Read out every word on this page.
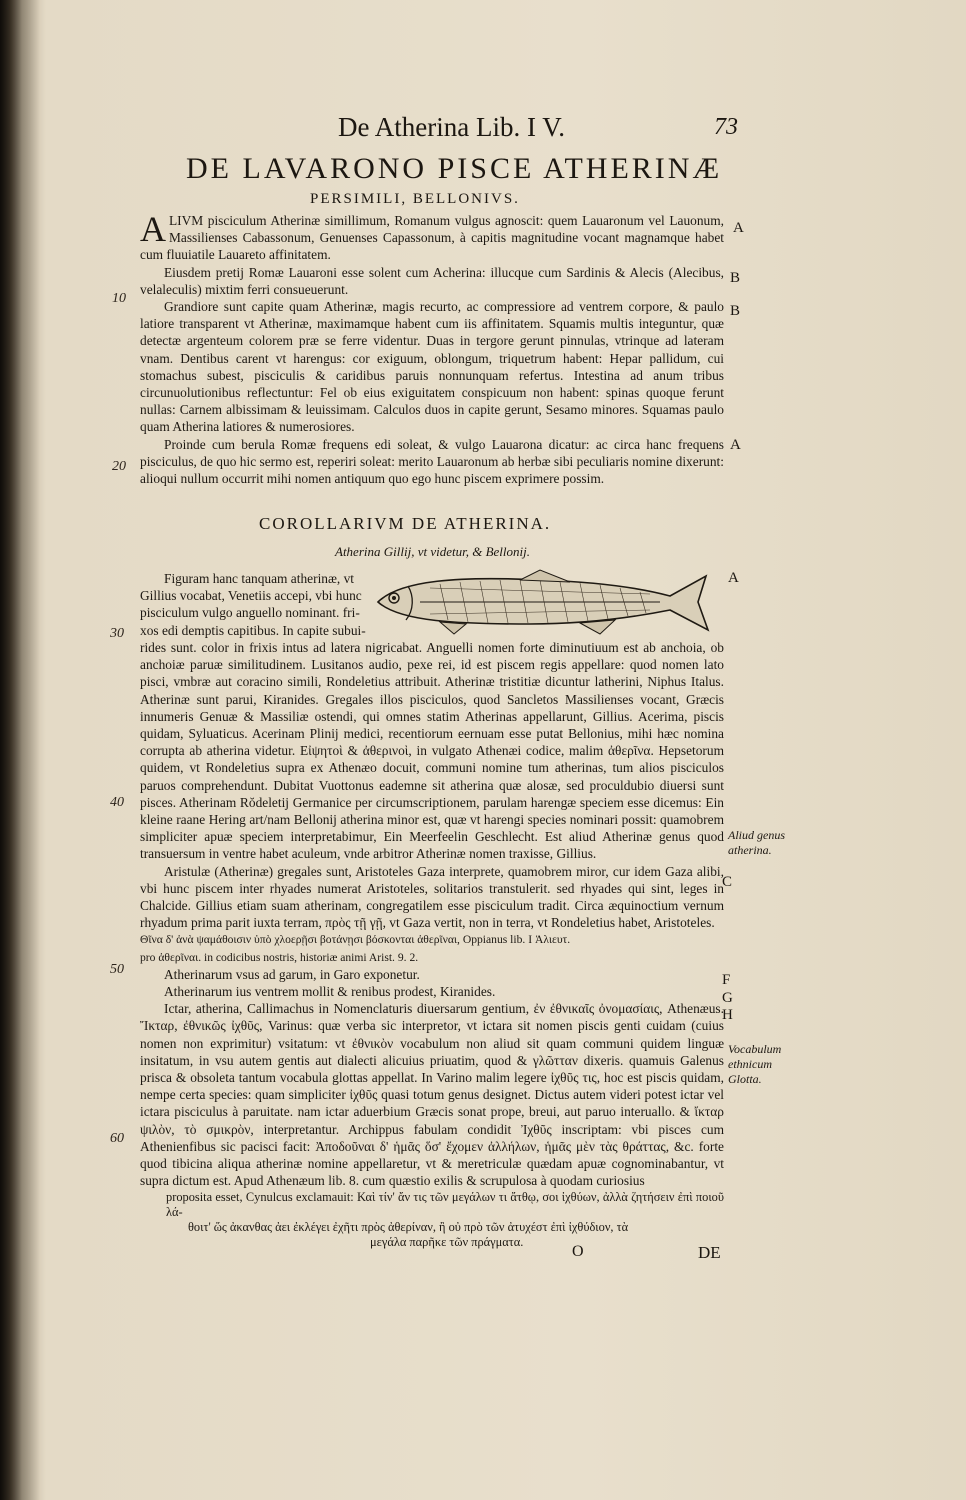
De Atherina Lib. I V.	73
DE LAVARONO PISCE ATHERINÆ
PERSIMILI, BELLONIVS.

ALIVM pisciculum Atherinæ simillimum, Romanum vulgus agnoscit: quem Lauaronum vel Lauonum, Massilienses Cabassonum, Genuenses Capassonum, à capitis magnitudine vocant magnamque habet cum fluuiatile Lauareto affinitatem.

Eiusdem pretij Romæ Lauaroni esse solent cum Acherina: illucque cum Sardinis & Alecis (Alecibus, velaleculis) mixtim ferri consueuerunt.

Grandiore sunt capite quam Atherinæ, magis recurto, ac compressiore ad ventrem corpore, & paulo latiore transparent vt Atherinæ, maximamque habent cum iis affinitatem. Squamis multis integuntur, quæ detectæ argenteum colorem præ se ferre videntur. Duas in tergore gerunt pinnulas, vtrinque ad lateram vnam. Dentibus carent vt harengus: cor exiguum, oblongum, triquetrum habent: Hepar pallidum, cui stomachus subest, pisciculis & caridibus paruis nonnunquam refertus. Intestina ad anum tribus circunuolutionibus reflectuntur: Fel ob eius exiguitatem conspicuum non habent: spinas quoque ferunt nullas: Carnem albissimam & leuissimam. Calculos duos in capite gerunt, Sesamo minores. Squamas paulo quam Atherina latiores & numerosiores.

Proinde cum berula Romæ frequens edi soleat, & vulgo Lauarona dicatur: ac circa hanc frequens pisciculus, de quo hic sermo est, reperiri soleat: merito Lauaronum ab herbæ sibi peculiaris nomine dixerunt: alioqui nullum occurrit mihi nomen antiquum quo ego hunc piscem exprimere possim.

COROLLARIVM DE ATHERINA.
Atherina Gillij, vt videtur, & Bellonij.

Figuram hanc tanquam atherinæ, vt

Gillius vocabat, Venetiis accepi, vbi hunc

pisciculum vulgo anguello nominant. fri-

xos edi demptis capitibus. In capite subui-

rides sunt. color in frixis intus ad latera nigricabat. Anguelli nomen forte diminutiuum est ab anchoia, ob anchoiæ paruæ similitudinem. Lusitanos audio, pexe rei, id est piscem regis appellare: quod nomen lato pisci, vmbræ aut coracino simili, Rondeletius attribuit. Atherinæ tristitiæ dicuntur latherini, Niphus Italus. Atherinæ sunt parui, Kiranides. Gregales illos pisciculos, quod Sancletos Massilienses vocant, Græcis innumeris Genuæ & Massiliæ ostendi, qui omnes statim Atherinas appellarunt, Gillius. Acerima, piscis quidam, Syluaticus. Acerinam Plinij medici, recentiorum eernuam esse putat Bellonius, mihi hæc nomina corrupta ab atherina videtur. Eἰψητοὶ & ἀθερινοὶ, in vulgato Athenæi codice, malim ἀθερῖνα. Hepsetorum quidem, vt Rondeletius supra ex Athenæo docuit, communi nomine tum atherinas, tum alios pisciculos paruos comprehendunt. Dubitat Vuottonus eademne sit atherina quæ alosæ, sed proculdubio diuersi sunt pisces. Atherinam Rŏdeletij Germanice per circumscriptionem, parulam harengæ speciem esse dicemus: Ein kleine raane Hering art/nam Bellonij atherina minor est, quæ vt harengi species nominari possit: quamobrem simpliciter apuæ speciem interpretabimur, Ein Meerfeelin Geschlecht. Est aliud Atherinæ genus quod transuersum in ventre habet aculeum, vnde arbitror Atherinæ nomen traxisse, Gillius.

Aristulæ (Atherinæ) gregales sunt, Aristoteles Gaza interprete, quamobrem miror, cur idem Gaza alibi, vbi hunc piscem inter rhyades numerat Aristoteles, solitarios transtulerit. sed rhyades qui sint, leges in Chalcide. Gillius etiam suam atherinam, congregatilem esse pisciculum tradit. Circa æquinoctium vernum rhyadum prima parit iuxta terram, πρὸς τῇ γῇ, vt Gaza vertit, non in terra, vt Rondeletius habet, Aristoteles.

Θῖνα δ' ἀνὰ ψαμάθοισιν ὑπὸ χλοερῇσι βοτάνῃσι βόσκονται ἀθερῖναι, Oppianus lib. I Ἁλιευτ.

pro ἀθερῖναι. in codicibus nostris, historiæ animi Arist. 9. 2.

Atherinarum vsus ad garum, in Garo exponetur.

Atherinarum ius ventrem mollit & renibus prodest, Kiranides.

Ictar, atherina, Callimachus in Nomenclaturis diuersarum gentium, ἐν ἐθνικαῖς ὀνομασίαις, Athenæus. Ἴκταρ, ἐθνικῶς ἰχθῦς, Varinus: quæ verba sic interpretor, vt ictara sit nomen piscis genti cuidam (cuius nomen non exprimitur) vsitatum: vt ἐθνικὸν vocabulum non aliud sit quam communi quidem linguæ insitatum, in vsu autem gentis aut dialecti alicuius priuatim, quod & γλῶτταν dixeris. quamuis Galenus prisca & obsoleta tantum vocabula glottas appellat. In Varino malim legere ἰχθῦς τις, hoc est piscis quidam, nempe certa species: quam simpliciter ἰχθῦς quasi totum genus designet. Dictus autem videri potest ictar vel ictara pisciculus à paruitate. nam ictar aduerbium Græcis sonat prope, breui, aut paruo interuallo. & ἴκταρ ψιλὸν, τὸ σμικρὸν, interpretantur. Archippus fabulam condidit Ἰχθῦς inscriptam: vbi pisces cum Athenienfibus sic pacisci facit: Ἀποδοῦναι δ' ἡμᾶς ὅσ' ἔχομεν ἀλλήλων, ἡμᾶς μὲν τὰς θράττας, &c. forte quod tibicina aliqua atherinæ nomine appellaretur, vt & meretriculæ quædam apuæ cognominabantur, vt supra dictum est. Apud Athenæum lib. 8. cum quæstio exilis & scrupulosa à quodam curiosius

proposita esset, Cynulcus exclamauit: Καὶ τίν' ἄν τις τῶν μεγάλων τι ἄτθῳ, σοι ἰχθύων, ἀλλὰ ζητήσειν ἐπὶ ποιοῦ λά-

θοιτ' ὥς ἀκανθας ἀει ἐκλέγει ἐχῆτι πρὸς ἀθερίναν, ἢ οὐ πρὸ τῶν ἀτυχέστ ἐπὶ ἰχθύδιον, τὰ

μεγάλα παρῆκε τῶν πράγματα.

A
B
B
A
A
C
F
G
H
Aliud genus atherina.
Vocabulum ethnicum Glotta.
10
20
30
40
50
60
O	DE
